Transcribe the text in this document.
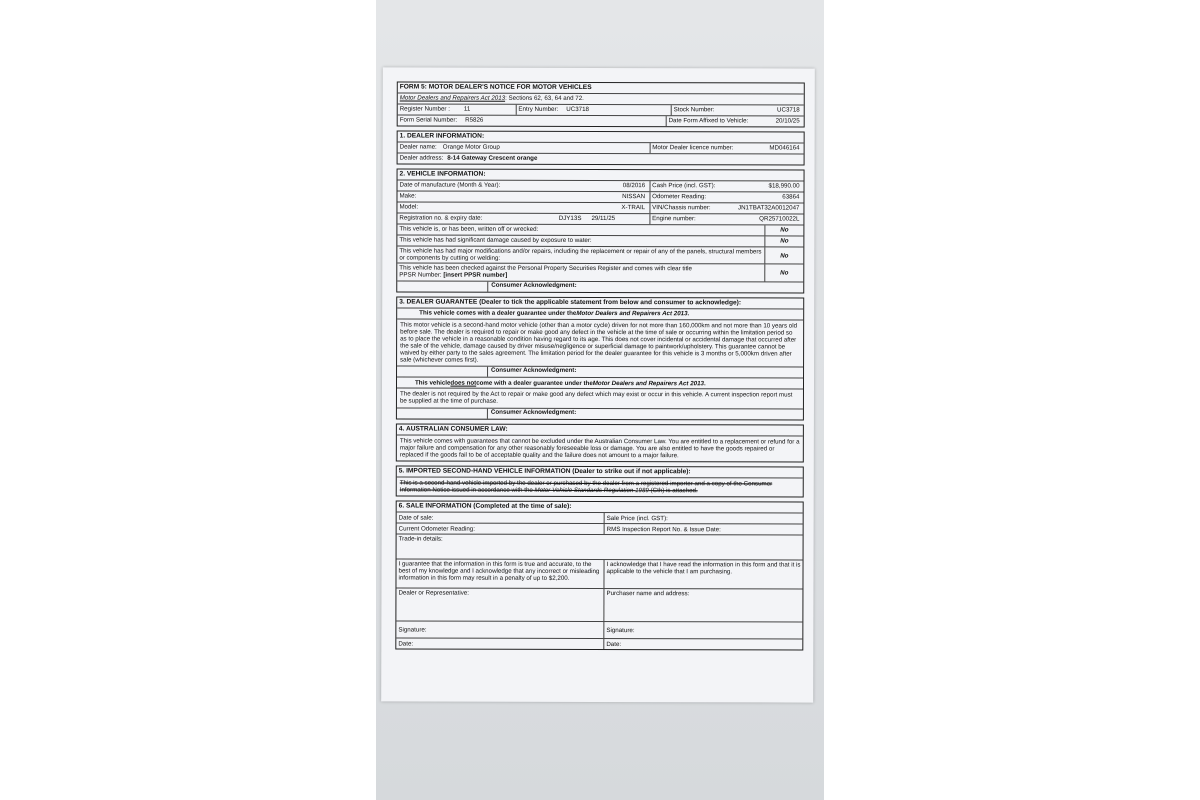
FORM 5: MOTOR DEALER'S NOTICE FOR MOTOR VEHICLES
Motor Dealers and Repairers Act 2013 : Sections 62, 63, 64 and 72.
Register Number : 11	Entry Number: UC3718	Stock Number:	UC3718
Form Serial Number: R5826	Date Form Affixed to Vehicle:	20/10/25
1. DEALER INFORMATION:
Dealer name: Orange Motor Group	Motor Dealer licence number:	MD046164
Dealer address: 8-14 Gateway Crescent orange
2. VEHICLE INFORMATION:
Date of manufacture (Month & Year):	08/2016	Cash Price (incl. GST):	$18,990.00
Make:	NISSAN	Odometer Reading:	63864
Model:	X-TRAIL	VIN/Chassis number:	JN1TBAT32A0012047
Registration no. & expiry date:	DJY13S 29/11/25	Engine number:	QR25710022L
This vehicle is, or has been, written off or wrecked:	No
This vehicle has had significant damage caused by exposure to water:	No
This vehicle has had major modifications and/or repairs, including the replacement or repair of any of the panels, structural members or components by cutting or welding:	No
This vehicle has been checked against the Personal Property Securities Register and comes with clear title
PPSR Number: [insert PPSR number]	No
Consumer Acknowledgment:
3. DEALER GUARANTEE (Dealer to tick the applicable statement from below and consumer to acknowledge):
This vehicle comes with a dealer guarantee under the Motor Dealers and Repairers Act 2013 .
This motor vehicle is a second-hand motor vehicle (other than a motor cycle) driven for not more than 160,000km and not more than 10 years old before sale. The dealer is required to repair or make good any defect in the vehicle at the time of sale or occurring within the limitation period so as to place the vehicle in a reasonable condition having regard to its age. This does not cover incidental or accidental damage that occurred after the sale of the vehicle, damage caused by driver misuse/negligence or superficial damage to paintwork/upholstery. This guarantee cannot be waived by either party to the sales agreement. The limitation period for the dealer guarantee for this vehicle is 3 months or 5,000km driven after sale (whichever comes first).
Consumer Acknowledgment:
This vehicle does not come with a dealer guarantee under the Motor Dealers and Repairers Act 2013 .
The dealer is not required by the Act to repair or make good any defect which may exist or occur in this vehicle. A current inspection report must be supplied at the time of purchase.
Consumer Acknowledgment:
4. AUSTRALIAN CONSUMER LAW:
This vehicle comes with guarantees that cannot be excluded under the Australian Consumer Law. You are entitled to a replacement or refund for a major failure and compensation for any other reasonably foreseeable loss or damage. You are also entitled to have the goods repaired or replaced if the goods fail to be of acceptable quality and the failure does not amount to a major failure.
5. IMPORTED SECOND-HAND VEHICLE INFORMATION (Dealer to strike out if not applicable):
This is a second-hand vehicle imported by the dealer or purchased by the dealer from a registered importer and a copy of the Consumer Information Notice issued in accordance with the Motor Vehicle Standards Regulation 1989 (Cth) is attached.
6. SALE INFORMATION (Completed at the time of sale):
Date of sale:	Sale Price (incl. GST):
Current Odometer Reading:	RMS Inspection Report No. & Issue Date:
Trade-in details:
I guarantee that the information in this form is true and accurate, to the best of my knowledge and I acknowledge that any incorrect or misleading information in this form may result in a penalty of up to $2,200.
I acknowledge that I have read the information in this form and that it is applicable to the vehicle that I am purchasing.
Dealer or Representative:	Purchaser name and address:
Signature:	Signature:
Date:	Date:
